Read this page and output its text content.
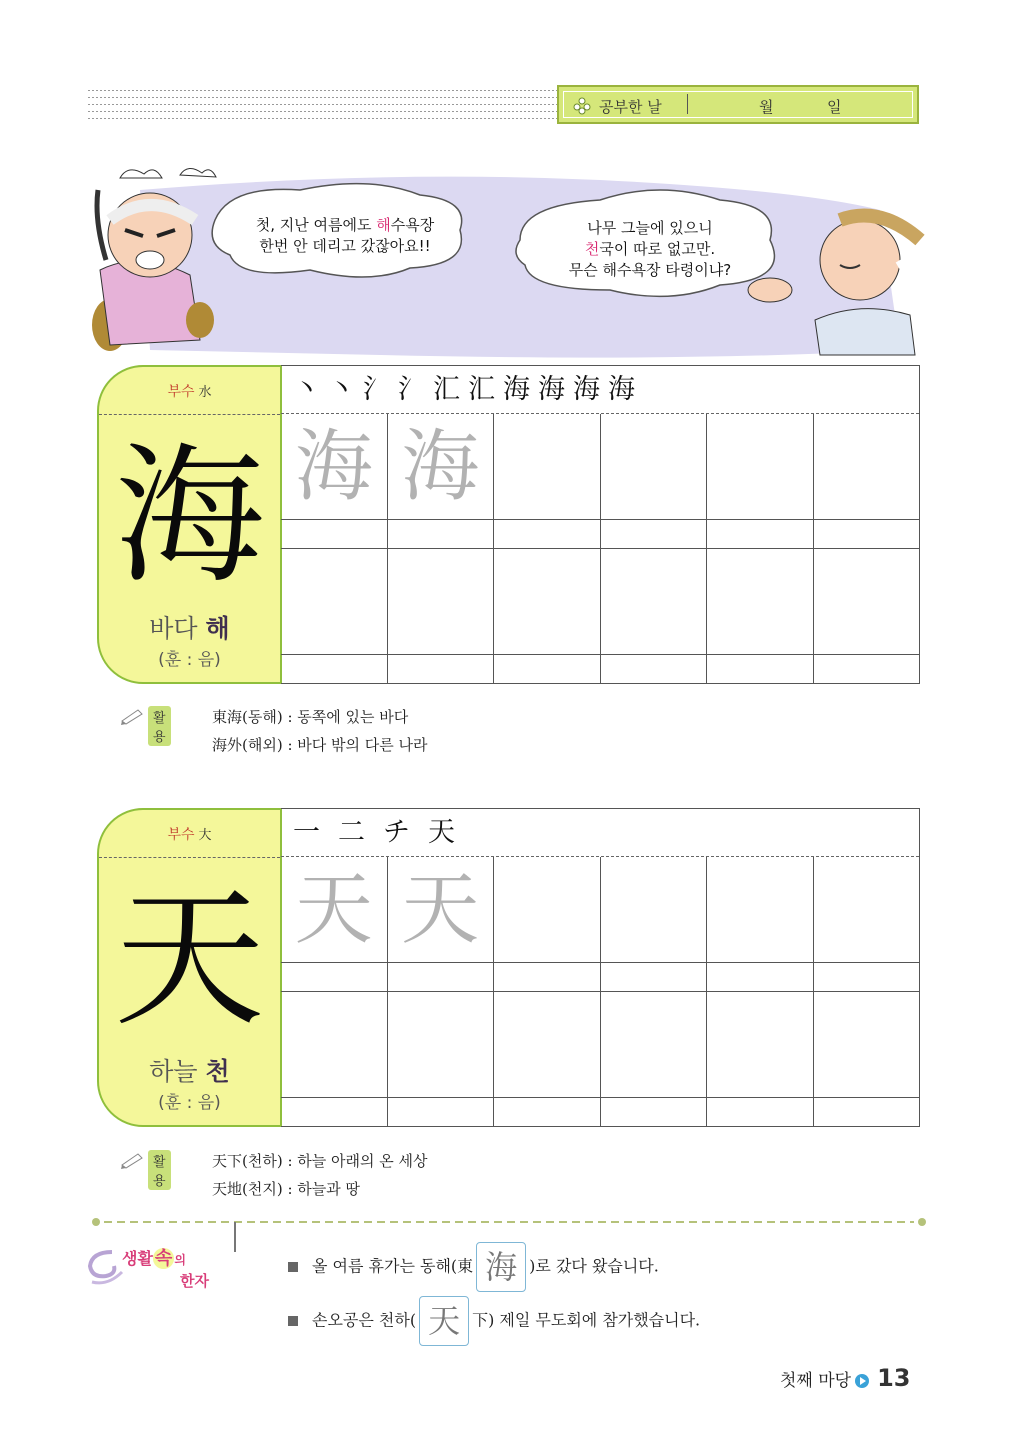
공부한 날	월	일
첫, 지난 여름에도 해수욕장
한번 안 데리고 갔잖아요!!
나무 그늘에 있으니
천국이 따로 없고만.
무슨 해수욕장 타령이냐?
부수 水
海
바다 해
(훈 : 음)
丶丶氵氵汇汇海海海海
海 海
활용
東海(동해) : 동쪽에 있는 바다
海外(해외) : 바다 밖의 다른 나라
부수 大
天
하늘 천
(훈 : 음)
一二チ天
天 天
활용
天下(천하) : 하늘 아래의 온 세상
天地(천지) : 하늘과 땅
생활 속 의
한자
올 여름 휴가는 동해(東 海 )로 갔다 왔습니다.
손오공은 천하( 天 下) 제일 무도회에 참가했습니다.
첫째 마당 13
